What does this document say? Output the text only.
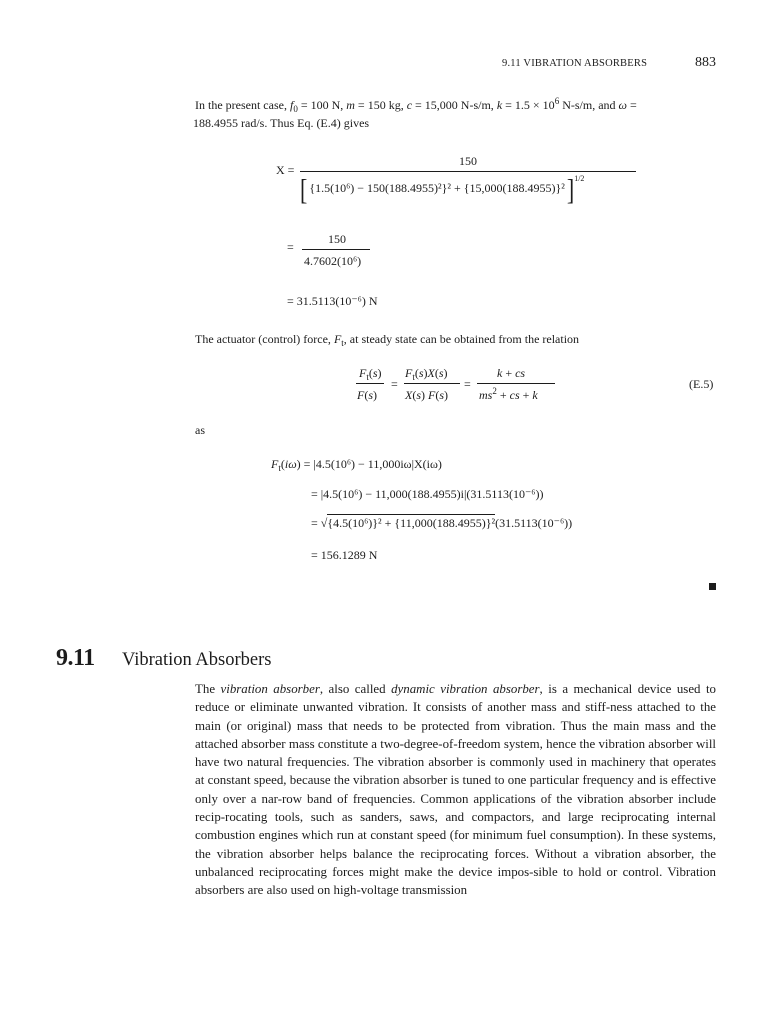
9.11 VIBRATION ABSORBERS	883
In the present case, $f_0 = 100$ N, m = 150 kg, c = 15,000 N-s/m, $k = 1.5 \times 10^6$ N-s/m, and ω =
188.4955 rad/s. Thus Eq. (E.4) gives
X =
150
[ {1.5(10⁶) − 150(188.4955)²}² + {15,000(188.4955)}²]$^{1/2}$
=
150
4.7602(10⁶)
= 31.5113(10⁻⁶) N
The actuator (control) force, $F_t$, at steady state can be obtained from the relation
$F_t(s)$
F(s)
=
$F_t(s)X(s)$
X(s) F(s)
=
k + cs
$ms^2$ + cs + k
(E.5)
as
$F_t(i\omega) = |4.5(10^6) - 11,000i\omega|X(i\omega)$
= |4.5(10⁶) − 11,000(188.4955)i|(31.5113(10⁻⁶))
= √{4.5(10⁶)}² + {11,000(188.4955)}²(31.5113(10⁻⁶))
= 156.1289 N
9.11 Vibration Absorbers

The vibration absorber, also called dynamic vibration absorber, is a mechanical device used to reduce or eliminate unwanted vibration. It consists of another mass and stiff-ness attached to the main (or original) mass that needs to be protected from vibration. Thus the main mass and the attached absorber mass constitute a two-degree-of-freedom system, hence the vibration absorber will have two natural frequencies. The vibration absorber is commonly used in machinery that operates at constant speed, because the vibration absorber is tuned to one particular frequency and is effective only over a nar-row band of frequencies. Common applications of the vibration absorber include recip-rocating tools, such as sanders, saws, and compactors, and large reciprocating internal combustion engines which run at constant speed (for minimum fuel consumption). In these systems, the vibration absorber helps balance the reciprocating forces. Without a vibration absorber, the unbalanced reciprocating forces might make the device impos-sible to hold or control. Vibration absorbers are also used on high-voltage transmission
